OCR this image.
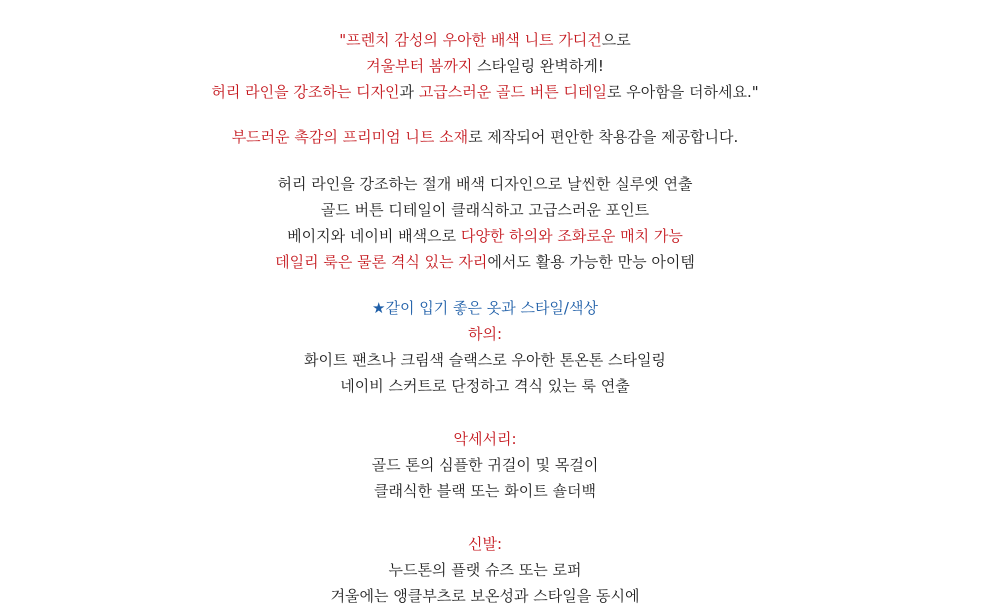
"프렌치 감성의 우아한 배색 니트 가디건으로
겨울부터 봄까지 스타일링 완벽하게!
허리 라인을 강조하는 디자인과 고급스러운 골드 버튼 디테일로 우아함을 더하세요."
부드러운 촉감의 프리미엄 니트 소재로 제작되어 편안한 착용감을 제공합니다.
허리 라인을 강조하는 절개 배색 디자인으로 날씬한 실루엣 연출
골드 버튼 디테일이 클래식하고 고급스러운 포인트
베이지와 네이비 배색으로 다양한 하의와 조화로운 매치 가능
데일리 룩은 물론 격식 있는 자리에서도 활용 가능한 만능 아이템
★같이 입기 좋은 옷과 스타일/색상
하의:
화이트 팬츠나 크림색 슬랙스로 우아한 톤온톤 스타일링
네이비 스커트로 단정하고 격식 있는 룩 연출
악세서리:
골드 톤의 심플한 귀걸이 및 목걸이
클래식한 블랙 또는 화이트 숄더백
신발:
누드톤의 플랫 슈즈 또는 로퍼
겨울에는 앵클부츠로 보온성과 스타일을 동시에
